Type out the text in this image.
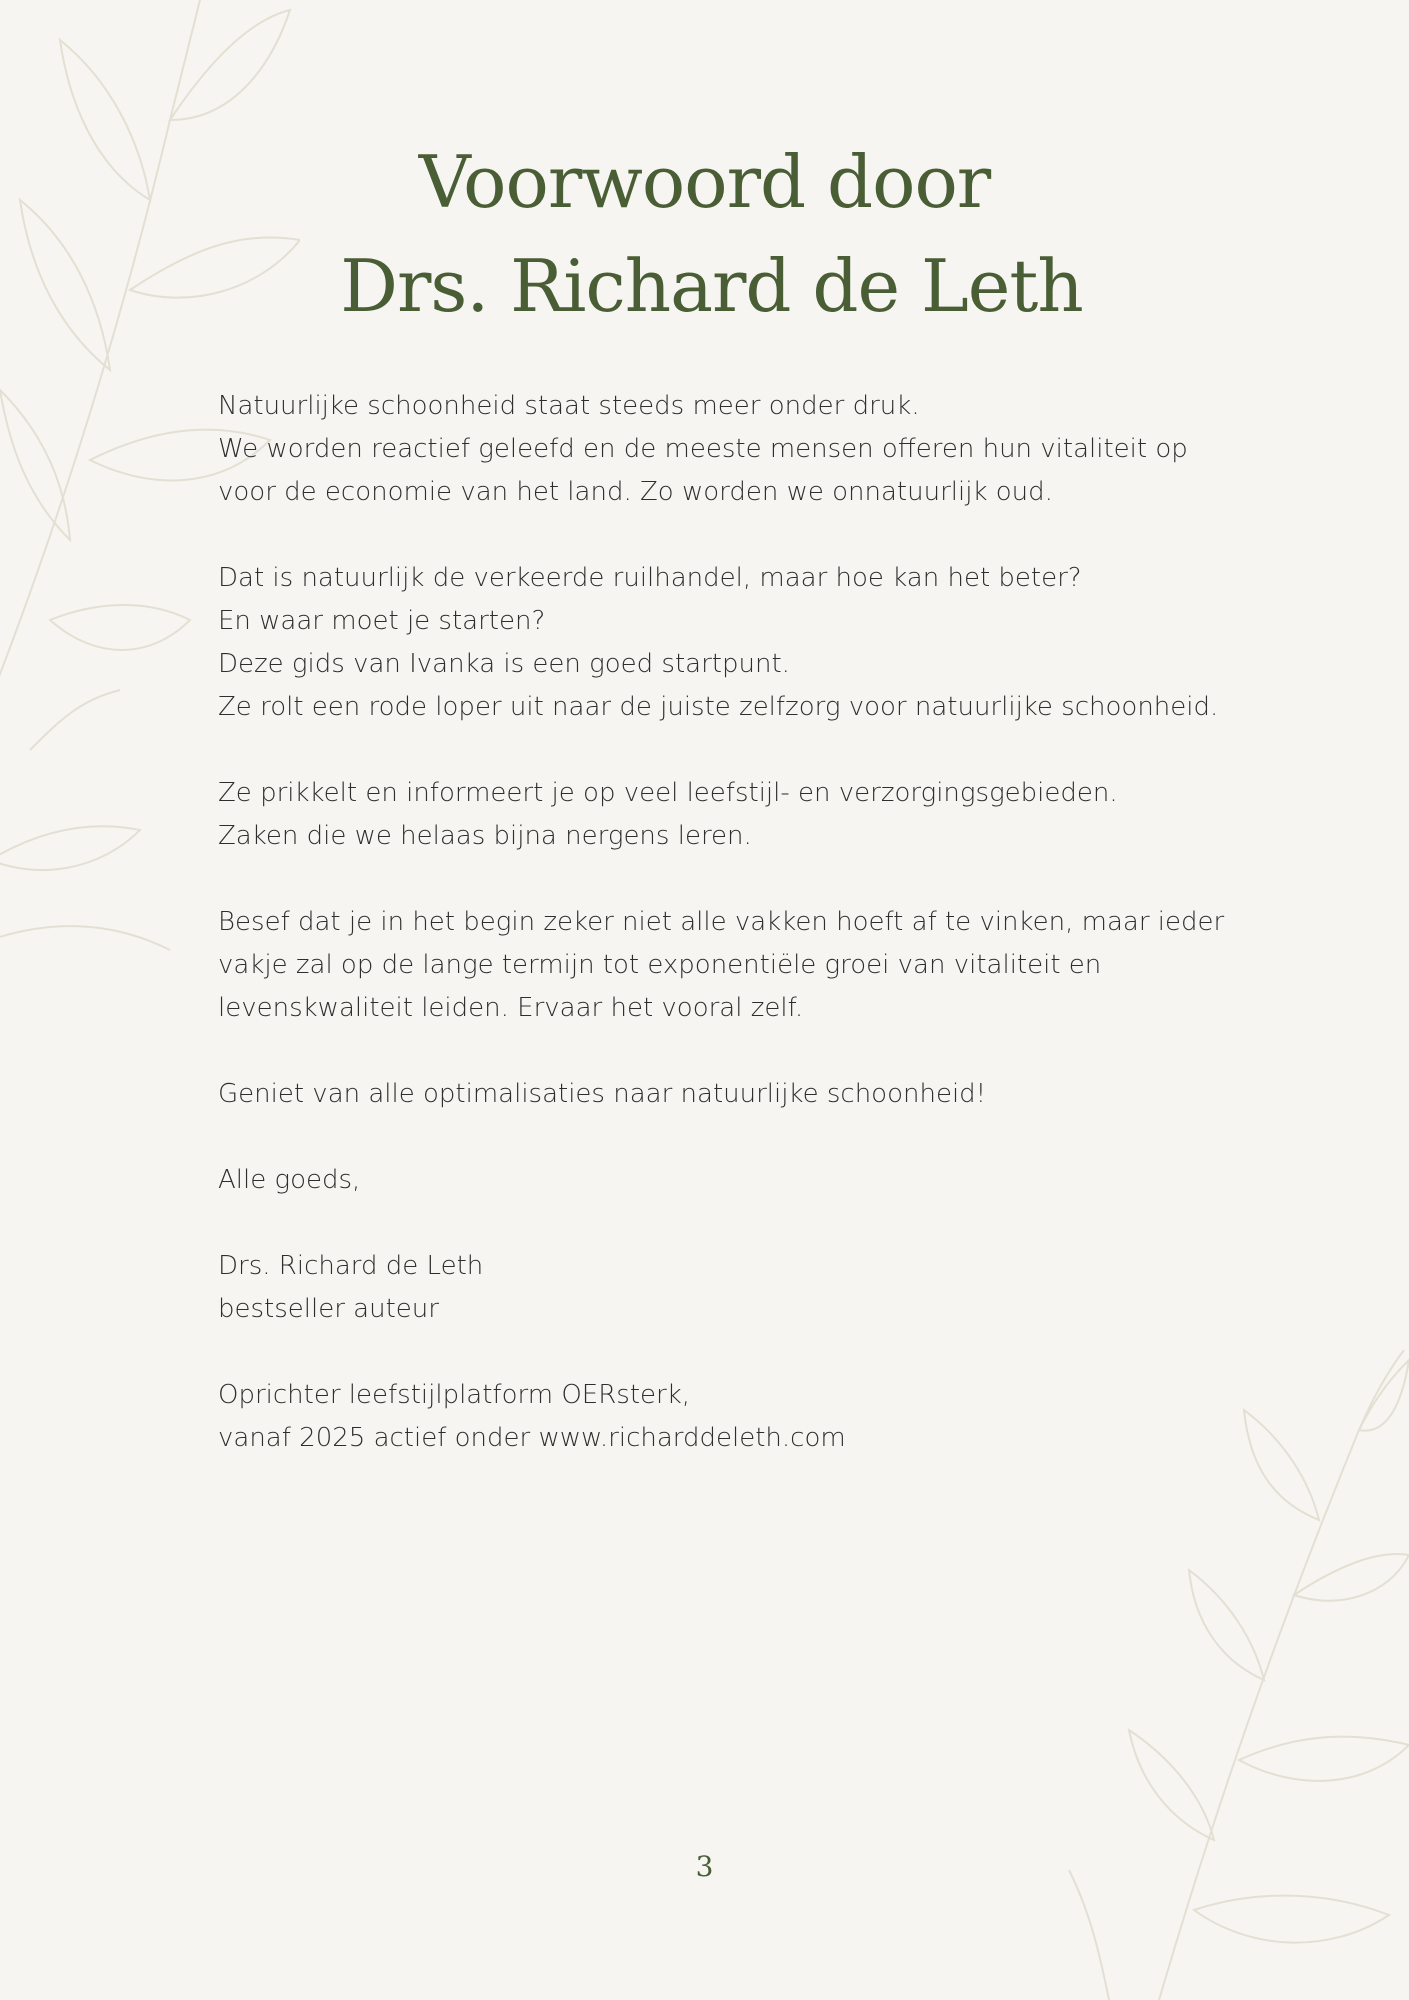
Voorwoord door
Drs. Richard de Leth
Natuurlijke schoonheid staat steeds meer onder druk.
We worden reactief geleefd en de meeste mensen offeren hun vitaliteit op
voor de economie van het land. Zo worden we onnatuurlijk oud.
Dat is natuurlijk de verkeerde ruilhandel, maar hoe kan het beter?
En waar moet je starten?
Deze gids van Ivanka is een goed startpunt.
Ze rolt een rode loper uit naar de juiste zelfzorg voor natuurlijke schoonheid.
Ze prikkelt en informeert je op veel leefstijl- en verzorgingsgebieden.
Zaken die we helaas bijna nergens leren.
Besef dat je in het begin zeker niet alle vakken hoeft af te vinken, maar ieder
vakje zal op de lange termijn tot exponentiële groei van vitaliteit en
levenskwaliteit leiden. Ervaar het vooral zelf.
Geniet van alle optimalisaties naar natuurlijke schoonheid!
Alle goeds,
Drs. Richard de Leth
bestseller auteur
Oprichter leefstijlplatform OERsterk,
vanaf 2025 actief onder www.richarddeleth.com
3
